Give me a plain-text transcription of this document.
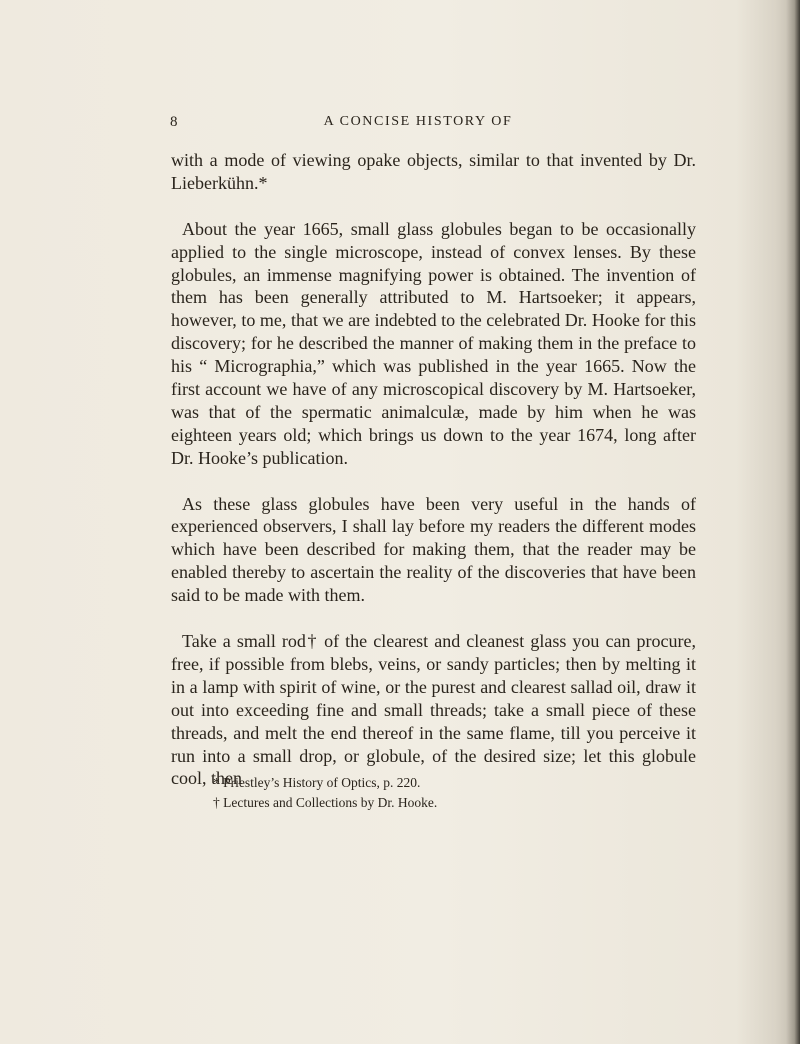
8	A CONCISE HISTORY OF

with a mode of viewing opake objects, similar to that invented by Dr. Lieberkühn.*

About the year 1665, small glass globules began to be occasionally applied to the single microscope, instead of convex lenses. By these globules, an immense magnifying power is obtained. The invention of them has been generally attributed to M. Hartsoeker; it appears, however, to me, that we are indebted to the celebrated Dr. Hooke for this discovery; for he described the manner of making them in the preface to his “ Micrographia,” which was published in the year 1665. Now the first account we have of any microscopical discovery by M. Hartsoeker, was that of the spermatic animalculæ, made by him when he was eighteen years old; which brings us down to the year 1674, long after Dr. Hooke’s publication.

As these glass globules have been very useful in the hands of experienced observers, I shall lay before my readers the different modes which have been described for making them, that the reader may be enabled thereby to ascertain the reality of the discoveries that have been said to be made with them.

Take a small rod† of the clearest and cleanest glass you can procure, free, if possible from blebs, veins, or sandy particles; then by melting it in a lamp with spirit of wine, or the purest and clearest sallad oil, draw it out into exceeding fine and small threads; take a small piece of these threads, and melt the end thereof in the same flame, till you perceive it run into a small drop, or globule, of the desired size; let this globule cool, then

* Priestley’s History of Optics, p. 220.

† Lectures and Collections by Dr. Hooke.
